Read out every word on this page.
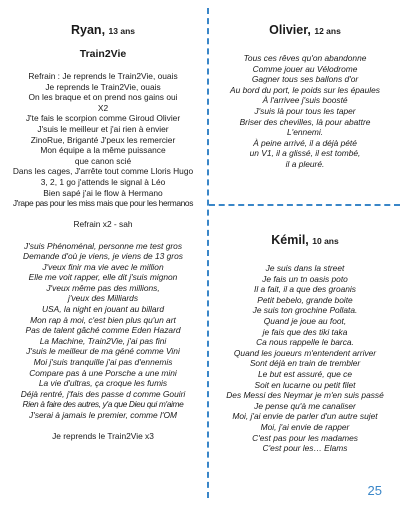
Ryan, 13 ans

Train2Vie

Refrain : Je reprends le Train2Vie, ouais
Je reprends le Train2Vie, ouais
On les braque et on prend nos gains oui
X2
J'te fais le scorpion comme Giroud Olivier
J'suis le meilleur et j'ai rien à envier
ZinoRue, Briganté J'peux les remercier
Mon équipe a la même puissance
que canon scié
Dans les cages, J'arrête tout comme Lloris Hugo
3, 2, 1 go j'attends le signal à Léo
Bien sapé j'ai le flow à Hermano
J'rape pas pour les miss mais que pour les hermanos
Refrain x2 - sah
J'suis Phénoménal, personne me test gros
Demande d'où je viens, je viens de 13 gros
J'veux finir ma vie avec le million
Elle me voit rapper, elle dit j'suis mignon
J'veux même pas des millions,
j'veux des Milliards
USA, la night en jouant au billard
Mon rap à moi, c'est bien plus qu'un art
Pas de talent gâché comme Eden Hazard
La Machine, Train2Vie, j'ai pas fini
J'suis le meilleur de ma géné comme Vini
Moi j'suis tranquille j'ai pas d'ennemis
Compare pas à une Porsche a une mini
La vie d'ultras, ça croque les fumis
Déjà rentré, j'fais des passe d comme Gouiri
Rien à faire des autres, y'a que Dieu qui m'aime
J'serai à jamais le premier, comme l'OM
Je reprends le Train2Vie x3

Olivier, 12 ans

Tous ces rêves qu'on abandonne
Comme jouer au Vélodrome
Gagner tous ses ballons d'or
Au bord du port, le poids sur les épaules
À l'arrivee j'suis boosté
J'suis là pour tous les taper
Briser des chevilles, là pour abattre
L'ennemi.
À peine arrivé, il a déjà pété
un V1, il a glissé, il est tombé,
il a pleuré.

Kémil, 10 ans

Je suis dans la street
Je fais un tn oasis poto
Il a fait, il a que des groanis
Petit bebelo, grande boite
Je suis ton grochine Pollata.
Quand je joue au foot,
je fais que des tiki taka
Ca nous rappelle le barca.
Quand les joueurs m'entendent arriver
Sont déjà en train de trembler
Le but est assuré, que ce
Soit en lucarne ou petit filet
Des Messi des Neymar je m'en suis passé
Je pense qu'à me canaliser
Moi, j'ai envie de parler d'un autre sujet
Moi, j'ai envie de rapper
C'est pas pour les madames
C'est pour les… Elams
25
